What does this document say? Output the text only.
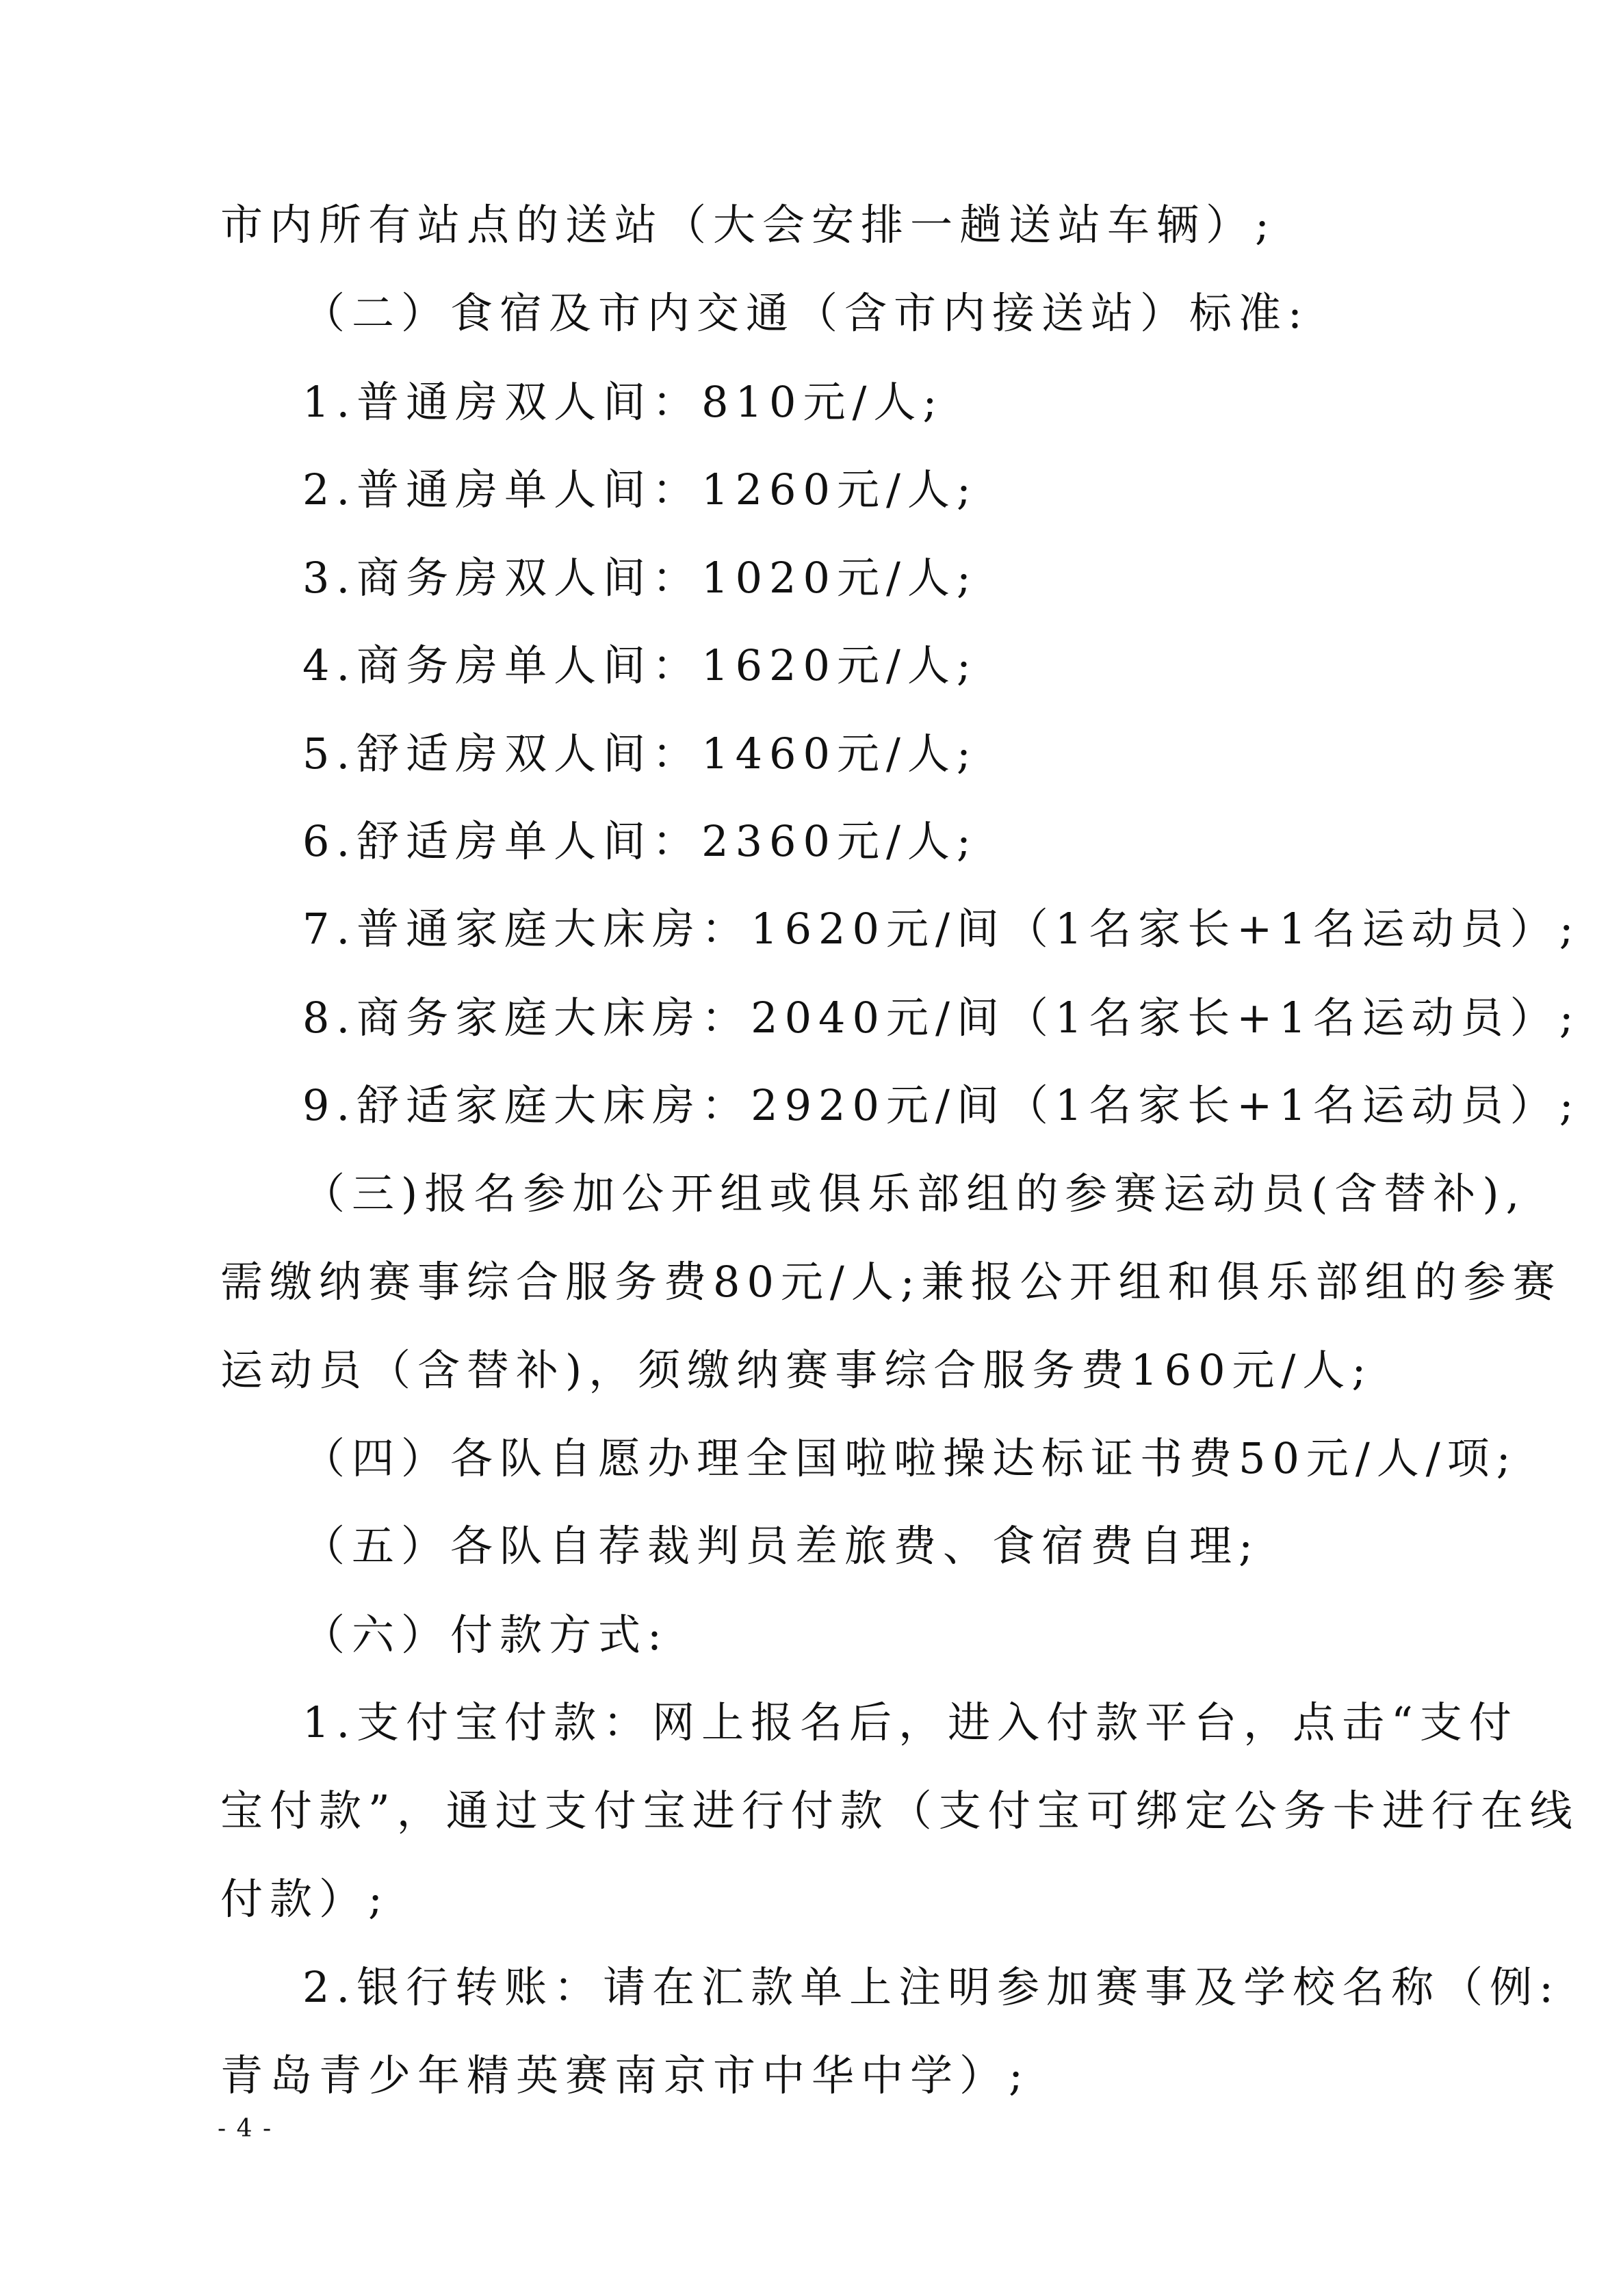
市内所有站点的送站（大会安排一趟送站车辆）;
（二）食宿及市内交通（含市内接送站）标准:
1.普通房双人间：810元/人;
2.普通房单人间：1260元/人;
3.商务房双人间：1020元/人;
4.商务房单人间：1620元/人;
5.舒适房双人间：1460元/人;
6.舒适房单人间：2360元/人;
7.普通家庭大床房：1620元/间（1名家长+1名运动员）;
8.商务家庭大床房：2040元/间（1名家长+1名运动员）;
9.舒适家庭大床房：2920元/间（1名家长+1名运动员）;
（三)报名参加公开组或俱乐部组的参赛运动员(含替补),
需缴纳赛事综合服务费80元/人;兼报公开组和俱乐部组的参赛
运动员（含替补)，须缴纳赛事综合服务费160元/人;
（四）各队自愿办理全国啦啦操达标证书费50元/人/项;
（五）各队自荐裁判员差旅费、食宿费自理;
（六）付款方式:
1.支付宝付款：网上报名后，进入付款平台，点击“支付
宝付款”，通过支付宝进行付款（支付宝可绑定公务卡进行在线
付款）;
2.银行转账：请在汇款单上注明参加赛事及学校名称（例:
青岛青少年精英赛南京市中华中学）;
- 4 -
